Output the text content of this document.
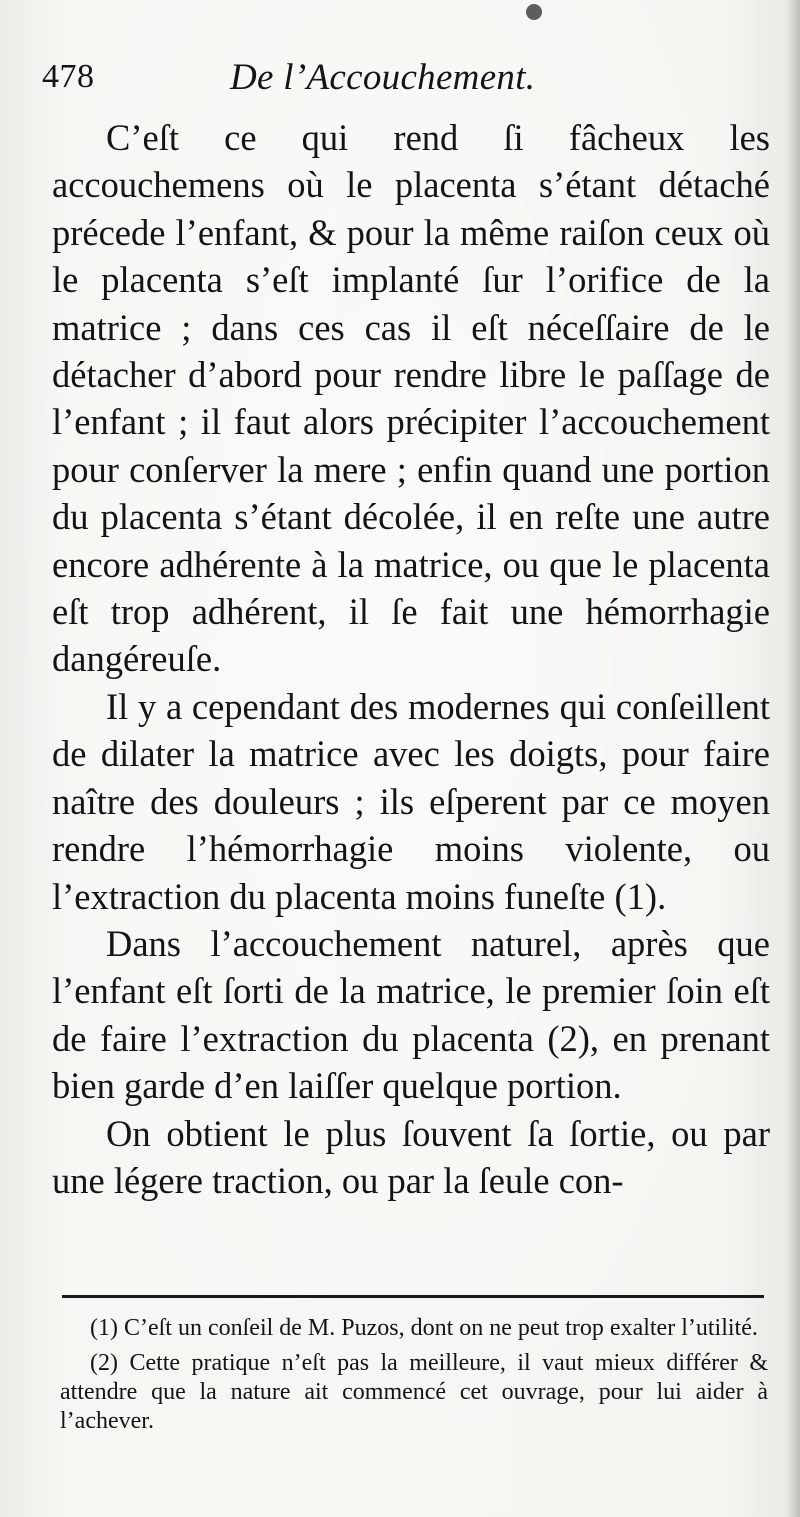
478	De l’Accouchement.

C’eſt ce qui rend ſi fâcheux les accouchemens où le placenta s’étant détaché précede l’enfant, & pour la même raiſon ceux où le placenta s’eſt implanté ſur l’orifice de la matrice ; dans ces cas il eſt néceſſaire de le détacher d’abord pour rendre libre le paſſage de l’enfant ; il faut alors précipiter l’accouchement pour conſerver la mere ; enfin quand une portion du placenta s’étant décolée, il en reſte une autre encore adhérente à la matrice, ou que le placenta eſt trop adhérent, il ſe fait une hémorrhagie dangéreuſe.

Il y a cependant des modernes qui conſeillent de dilater la matrice avec les doigts, pour faire naître des douleurs ; ils eſperent par ce moyen rendre l’hémorrhagie moins violente, ou l’extraction du placenta moins funeſte (1).

Dans l’accouchement naturel, après que l’enfant eſt ſorti de la matrice, le premier ſoin eſt de faire l’extraction du placenta (2), en prenant bien garde d’en laiſſer quelque portion.

On obtient le plus ſouvent ſa ſortie, ou par une légere traction, ou par la ſeule con-

(1) C’eſt un conſeil de M. Puzos, dont on ne peut trop exalter l’utilité.

(2) Cette pratique n’eſt pas la meilleure, il vaut mieux différer & attendre que la nature ait commencé cet ouvrage, pour lui aider à l’achever.
